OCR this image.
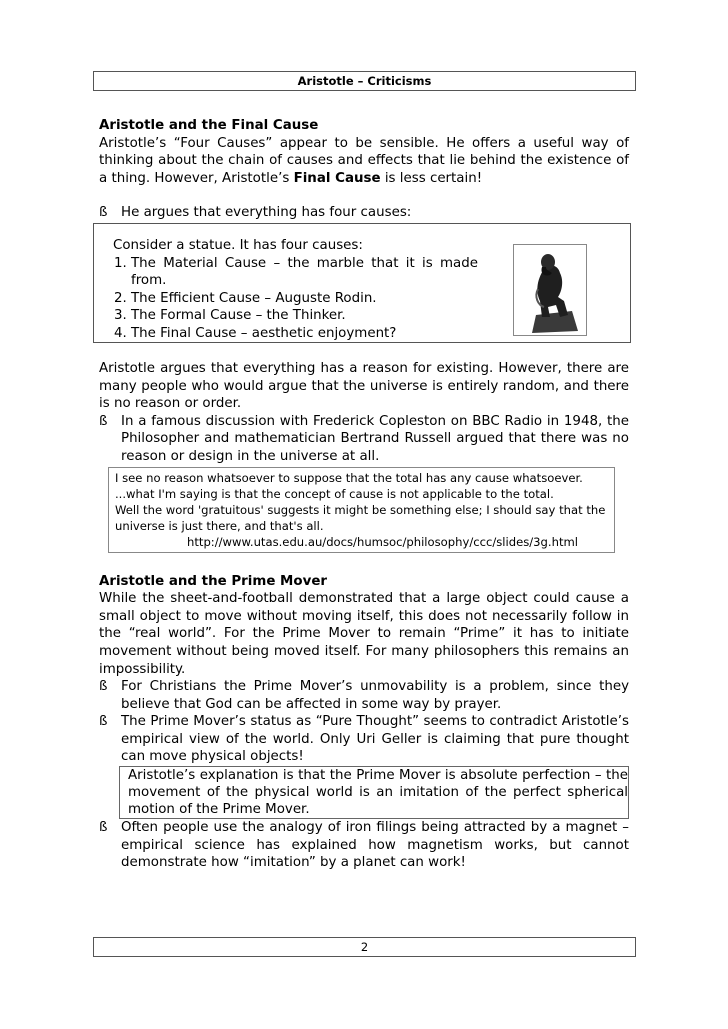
Aristotle – Criticisms

Aristotle and the Final Cause

Aristotle’s “Four Causes” appear to be sensible. He offers a useful way of thinking about the chain of causes and effects that lie behind the existence of a thing. However, Aristotle’s Final Cause is less certain!

ß	He argues that everything has four causes:

Consider a statue. It has four causes:

1. The Material Cause – the marble that it is made from.
2. The Efficient Cause – Auguste Rodin.
3. The Formal Cause – the Thinker.
4. The Final Cause – aesthetic enjoyment?

Aristotle argues that everything has a reason for existing. However, there are many people who would argue that the universe is entirely random, and there is no reason or order.

ß	In a famous discussion with Frederick Copleston on BBC Radio in 1948, the Philosopher and mathematician Bertrand Russell argued that there was no reason or design in the universe at all.
I see no reason whatsoever to suppose that the total has any cause whatsoever. ...what I'm saying is that the concept of cause is not applicable to the total.
Well the word 'gratuitous' suggests it might be something else; I should say that the universe is just there, and that's all.
http://www.utas.edu.au/docs/humsoc/philosophy/ccc/slides/3g.html

Aristotle and the Prime Mover

While the sheet-and-football demonstrated that a large object could cause a small object to move without moving itself, this does not necessarily follow in the “real world”. For the Prime Mover to remain “Prime” it has to initiate movement without being moved itself. For many philosophers this remains an impossibility.

ß	For Christians the Prime Mover’s unmovability is a problem, since they believe that God can be affected in some way by prayer.
ß	The Prime Mover’s status as “Pure Thought” seems to contradict Aristotle’s empirical view of the world. Only Uri Geller is claiming that pure thought can move physical objects!
Aristotle’s explanation is that the Prime Mover is absolute perfection – the movement of the physical world is an imitation of the perfect spherical motion of the Prime Mover.
ß	Often people use the analogy of iron filings being attracted by a magnet – empirical science has explained how magnetism works, but cannot demonstrate how “imitation” by a planet can work!
2
